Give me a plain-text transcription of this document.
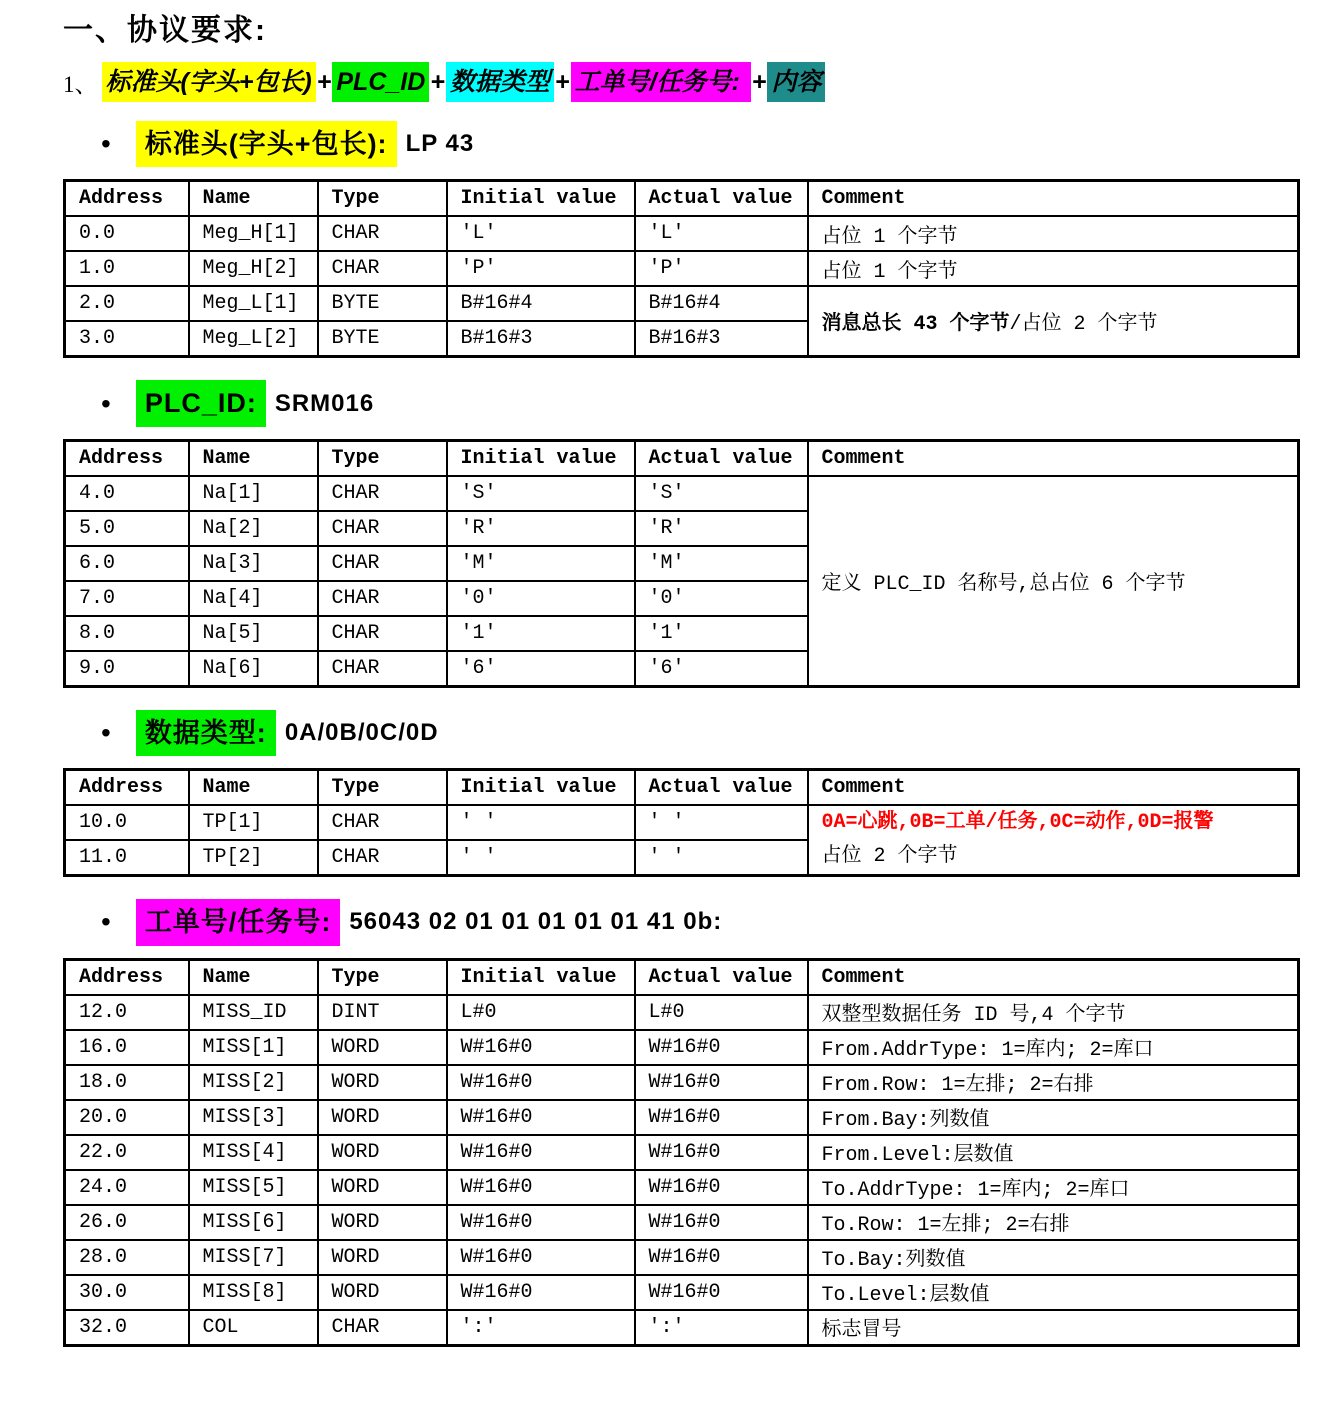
一、协议要求:
1、 标准头(字头+包长) + PLC_ID + 数据类型 + 工单号/任务号: + 内容
•	标准头(字头+包长): LP 43
Address	Name	Type	Initial value	Actual value	Comment
0.0	Meg_H[1]	CHAR	'L'	'L'	占位 1 个字节
1.0	Meg_H[2]	CHAR	'P'	'P'	占位 1 个字节
2.0	Meg_L[1]	BYTE	B#16#4	B#16#4	消息总长 43 个字节/占位 2 个字节
3.0	Meg_L[2]	BYTE	B#16#3	B#16#3	
•	PLC_ID: SRM016
Address	Name	Type	Initial value	Actual value	Comment
4.0	Na[1]	CHAR	'S'	'S'	定义 PLC_ID 名称号,总占位 6 个字节
5.0	Na[2]	CHAR	'R'	'R'	
6.0	Na[3]	CHAR	'M'	'M'	
7.0	Na[4]	CHAR	'0'	'0'	
8.0	Na[5]	CHAR	'1'	'1'	
9.0	Na[6]	CHAR	'6'	'6'	
•	数据类型: 0A/0B/0C/0D
Address	Name	Type	Initial value	Actual value	Comment
10.0	TP[1]	CHAR	' '	' '	0A=心跳,0B=工单/任务,0C=动作,0D=报警
占位 2 个字节

11.0	TP[2]	CHAR	' '	' '	
•	工单号/任务号: 56043 02 01 01 01 01 01 41 0b:
Address	Name	Type	Initial value	Actual value	Comment
12.0	MISS_ID	DINT	L#0	L#0	双整型数据任务 ID 号,4 个字节
16.0	MISS[1]	WORD	W#16#0	W#16#0	From.AddrType: 1=库内; 2=库口
18.0	MISS[2]	WORD	W#16#0	W#16#0	From.Row: 1=左排; 2=右排
20.0	MISS[3]	WORD	W#16#0	W#16#0	From.Bay:列数值
22.0	MISS[4]	WORD	W#16#0	W#16#0	From.Level:层数值
24.0	MISS[5]	WORD	W#16#0	W#16#0	To.AddrType: 1=库内; 2=库口
26.0	MISS[6]	WORD	W#16#0	W#16#0	To.Row: 1=左排; 2=右排
28.0	MISS[7]	WORD	W#16#0	W#16#0	To.Bay:列数值
30.0	MISS[8]	WORD	W#16#0	W#16#0	To.Level:层数值
32.0	COL	CHAR	':'	':'	标志冒号
